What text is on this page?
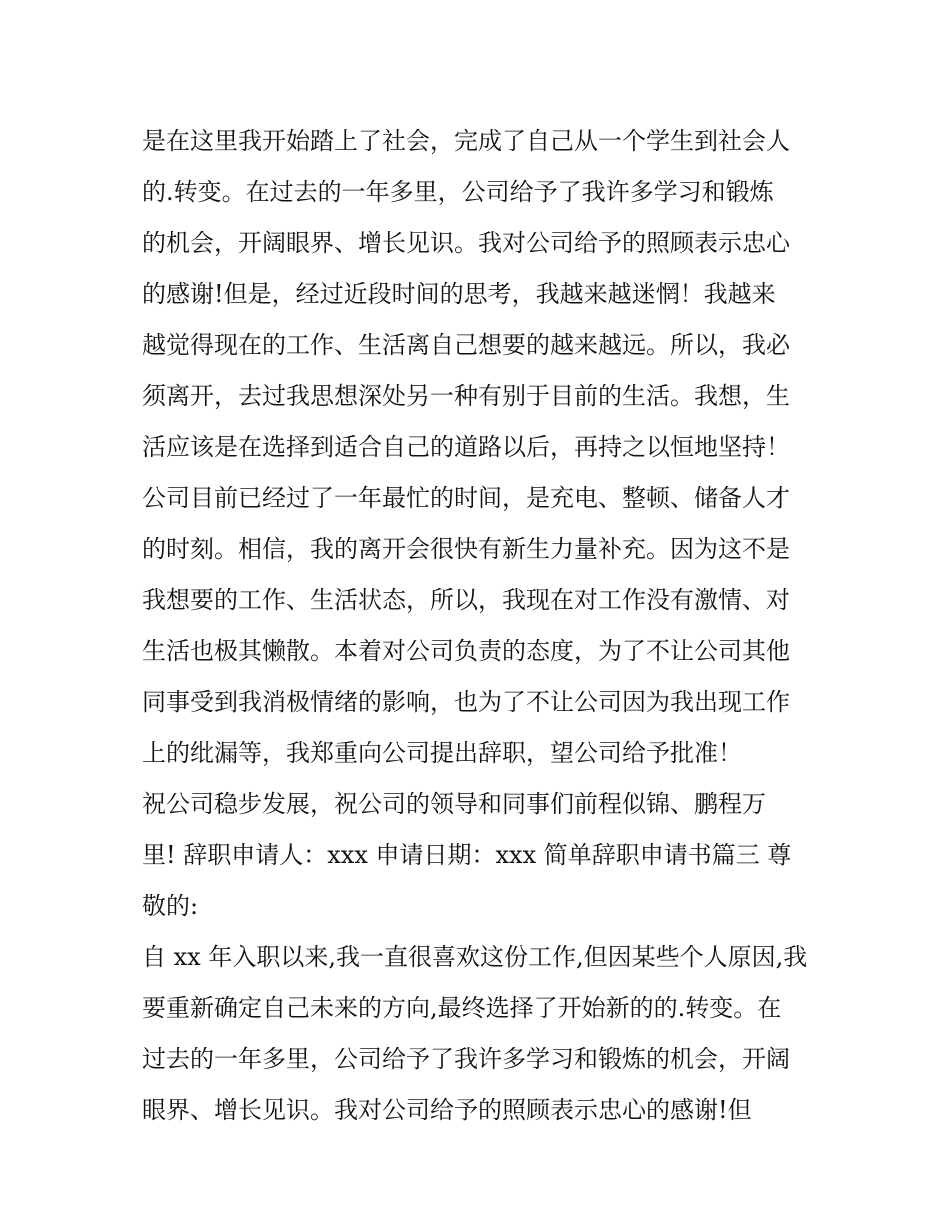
是在这里我开始踏上了社会，完成了自己从一个学生到社会人

的.转变。在过去的一年多里，公司给予了我许多学习和锻炼

的机会，开阔眼界、增长见识。我对公司给予的照顾表示忠心

的感谢!但是，经过近段时间的思考，我越来越迷惘！我越来

越觉得现在的工作、生活离自己想要的越来越远。所以，我必

须离开，去过我思想深处另一种有别于目前的生活。我想，生

活应该是在选择到适合自己的道路以后，再持之以恒地坚持！

公司目前已经过了一年最忙的时间，是充电、整顿、储备人才

的时刻。相信，我的离开会很快有新生力量补充。因为这不是

我想要的工作、生活状态，所以，我现在对工作没有激情、对

生活也极其懒散。本着对公司负责的态度，为了不让公司其他

同事受到我消极情绪的影响，也为了不让公司因为我出现工作

上的纰漏等，我郑重向公司提出辞职，望公司给予批准！

祝公司稳步发展，祝公司的领导和同事们前程似锦、鹏程万

里! 辞职申请人：xxx 申请日期：xxx 简单辞职申请书篇三 尊

敬的:

自 xx 年入职以来,我一直很喜欢这份工作,但因某些个人原因,我

要重新确定自己未来的方向,最终选择了开始新的的.转变。在

过去的一年多里，公司给予了我许多学习和锻炼的机会，开阔

眼界、增长见识。我对公司给予的照顾表示忠心的感谢!但
